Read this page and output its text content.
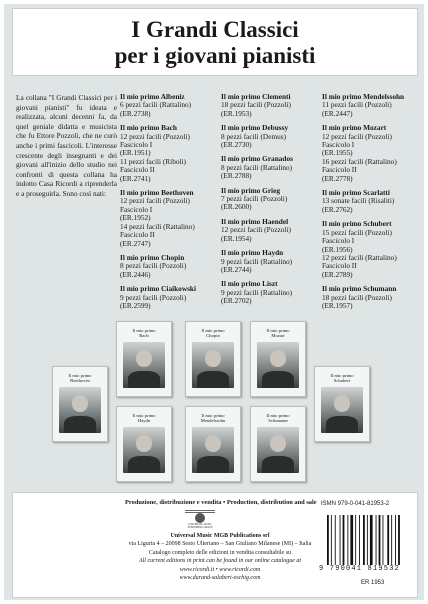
I Grandi Classici
per i giovani pianisti
La collana "I Grandi Classici per i giovani pianisti" fu ideata e realizzata, alcuni decenni fa, da quel geniale didatta e musicista che fu Ettore Pozzoli, che ne curò anche i primi fascicoli. L'interesse crescente degli insegnanti e dei giovani all'inizio dello studio nei confronti di questa collana ha indotto Casa Ricordi a riprenderla e a proseguirla. Sono così nati:
Il mio primo Albeniz
6 pezzi facili (Rattalino)
(ER.2738)
Il mio primo Bach
12 pezzi facili (Pozzoli)
Fascicolo I
(ER.1951)
11 pezzi facili (Riboli)
Fascicolo II
(ER.2741)
Il mio primo Beethoven
12 pezzi facili (Pozzoli)
Fascicolo I
(ER.1952)
14 pezzi facili (Rattalino)
Fascicolo II
(ER.2747)
Il mio primo Chopin
8 pezzi facili (Pozzoli)
(ER.2446)
Il mio primo Ciaikowski
9 pezzi facili (Pozzoli)
(ER.2599)
Il mio primo Clementi
18 pezzi facili (Pozzoli)
(ER.1953)
Il mio primo Debussy
8 pezzi facili (Demus)
(ER.2730)
Il mio primo Granados
8 pezzi facili (Rattalino)
(ER.2788)
Il mio primo Grieg
7 pezzi facili (Pozzoli)
(ER.2600)
Il mio primo Haendel
12 pezzi facili (Pozzoli)
(ER.1954)
Il mio primo Haydn
9 pezzi facili (Rattalino)
(ER.2744)
Il mio primo Liszt
9 pezzi facili (Rattalino)
(ER.2702)
Il mio primo Mendelssohn
11 pezzi facili (Pozzoli)
(ER.2447)
Il mio primo Mozart
12 pezzi facili (Pozzoli)
Fascicolo I
(ER.1955)
16 pezzi facili (Rattalino)
Fascicolo II
(ER.2778)
Il mio primo Scarlatti
13 sonate facili (Risaliti)
(ER.2762)
Il mio primo Schubert
15 pezzi facili (Pozzoli)
Fascicolo I
(ER.1956)
12 pezzi facili (Rattalino)
Fascicolo II
(ER.2789)
Il mio primo Schumann
18 pezzi facili (Pozzoli)
(ER.1957)
Il mio primo
Bach
Il mio primo
Chopin
Il mio primo
Mozart
Il mio primo
Beethoven
Il mio primo
Schubert
Il mio primo
Haydn
Il mio primo
Mendelssohn
Il mio primo
Schumann
Produzione, distribuzione e vendita • Production, distribution and sale
UNIVERSAL MUSIC
PUBLISHING GROUP
Universal Music MGB Publications srl
via Liguria 4 – 20098 Sesto Ulteriano – San Giuliano Milanese (MI) – Italia
Catalogo completo delle edizioni in vendita consultabile su
All current editions in print can be found in our online catalogue at
www.ricordi.it • www.ricordi.com
www.durand-salabert-eschig.com
ISMN 979-0-041-81953-2
9 790041 819532
ER 1953
